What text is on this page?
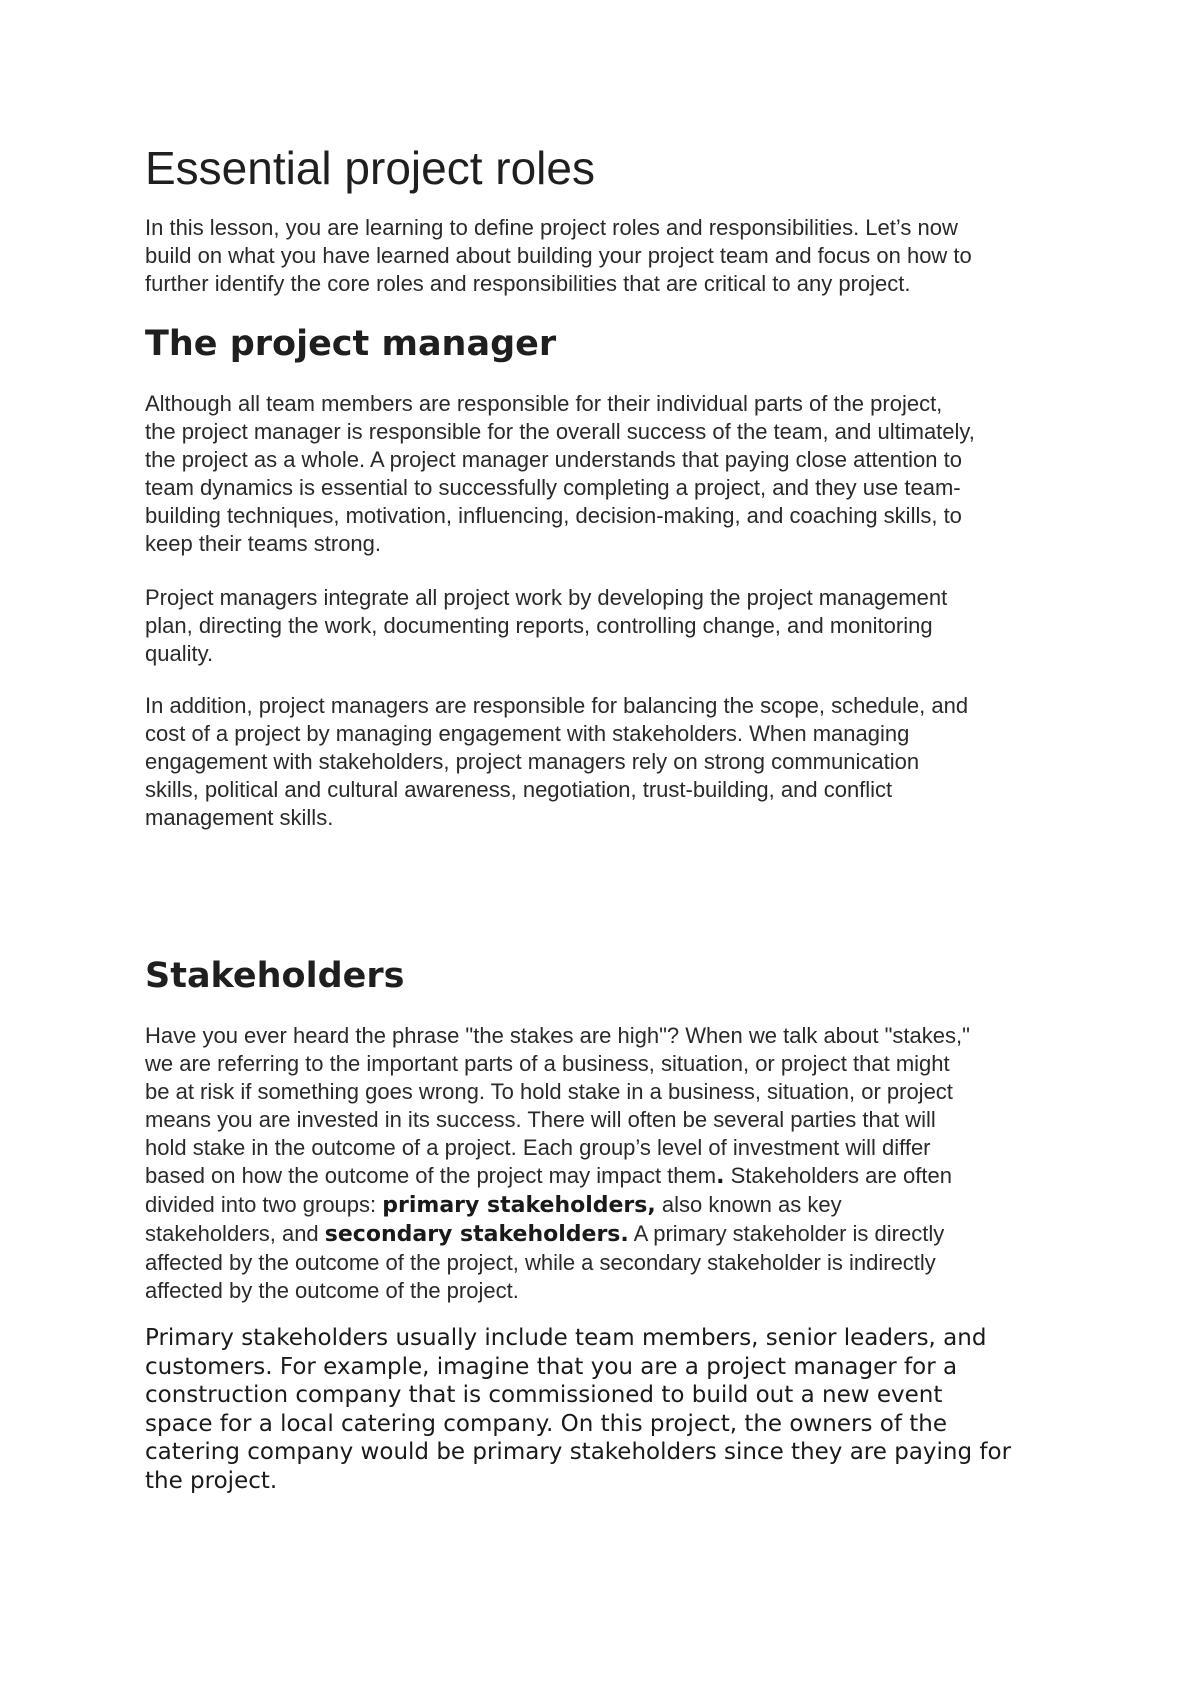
Essential project roles

In this lesson, you are learning to define project roles and responsibilities. Let’s now
build on what you have learned about building your project team and focus on how to
further identify the core roles and responsibilities that are critical to any project.

The project manager

Although all team members are responsible for their individual parts of the project,
the project manager is responsible for the overall success of the team, and ultimately,
the project as a whole. A project manager understands that paying close attention to
team dynamics is essential to successfully completing a project, and they use team-
building techniques, motivation, influencing, decision-making, and coaching skills, to
keep their teams strong.

Project managers integrate all project work by developing the project management
plan, directing the work, documenting reports, controlling change, and monitoring
quality.

In addition, project managers are responsible for balancing the scope, schedule, and
cost of a project by managing engagement with stakeholders. When managing
engagement with stakeholders, project managers rely on strong communication
skills, political and cultural awareness, negotiation, trust-building, and conflict
management skills.

Stakeholders

Have you ever heard the phrase "the stakes are high"? When we talk about "stakes,"
we are referring to the important parts of a business, situation, or project that might
be at risk if something goes wrong. To hold stake in a business, situation, or project
means you are invested in its success. There will often be several parties that will
hold stake in the outcome of a project. Each group’s level of investment will differ
based on how the outcome of the project may impact them. Stakeholders are often
divided into two groups: primary stakeholders, also known as key
stakeholders, and secondary stakeholders. A primary stakeholder is directly
affected by the outcome of the project, while a secondary stakeholder is indirectly
affected by the outcome of the project.

Primary stakeholders usually include team members, senior leaders, and
customers. For example, imagine that you are a project manager for a
construction company that is commissioned to build out a new event
space for a local catering company. On this project, the owners of the
catering company would be primary stakeholders since they are paying for
the project.
